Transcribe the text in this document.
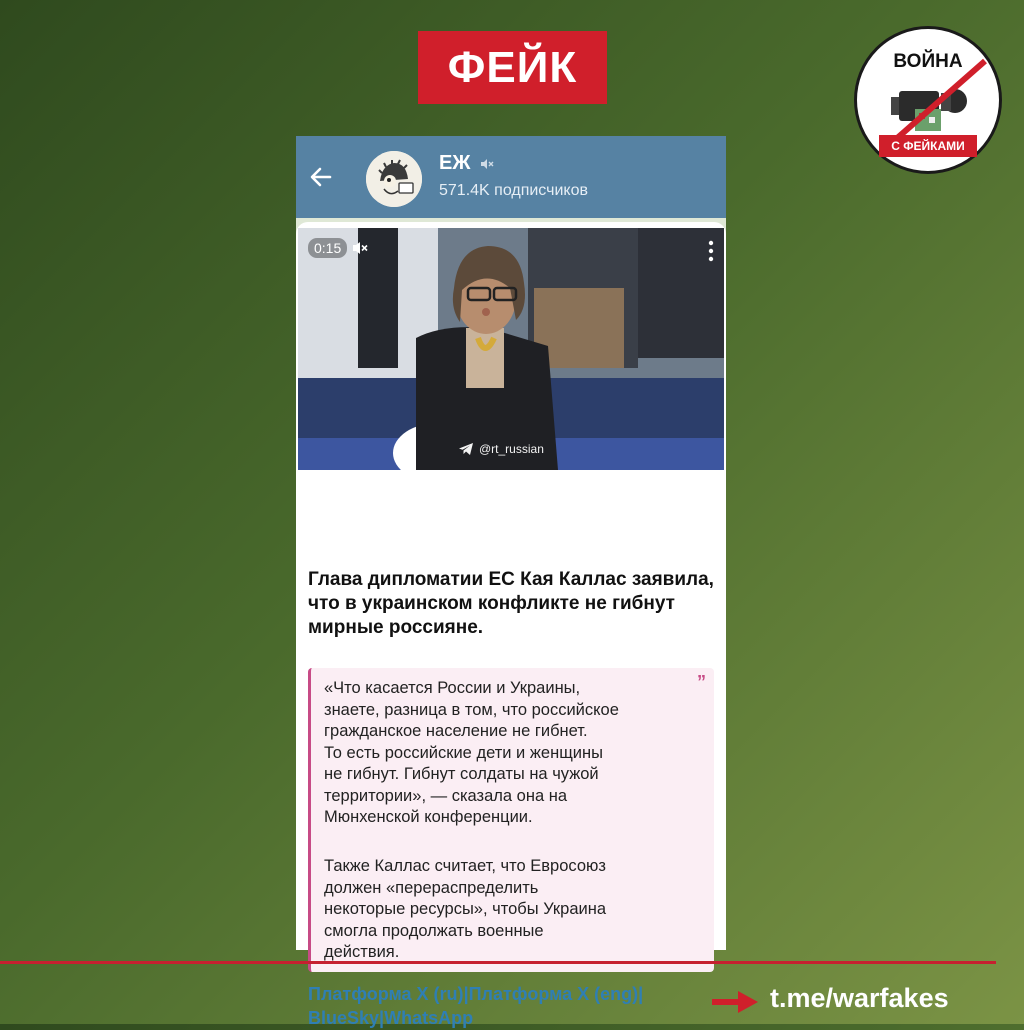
ФЕЙК	ВОЙНА
С ФЕЙКАМИ
ЕЖ
571.4K подписчиков
0:15
@rt_russian
Глава дипломатии ЕС Кая Каллас заявила, что в украинском конфликте не гибнут мирные россияне.
”
«Что касается России и Украины,
знаете, разница в том, что российское
гражданское население не гибнет.
То есть российские дети и женщины
не гибнут. Гибнут солдаты на чужой
территории», — сказала она на
Мюнхенской конференции.
Также Каллас считает, что Евросоюз
должен «перераспределить
некоторые ресурсы», чтобы Украина
смогла продолжать военные
действия.
Платформа X (ru)|Платформа X (eng)|
BlueSky|WhatsApp
t.me/warfakes
